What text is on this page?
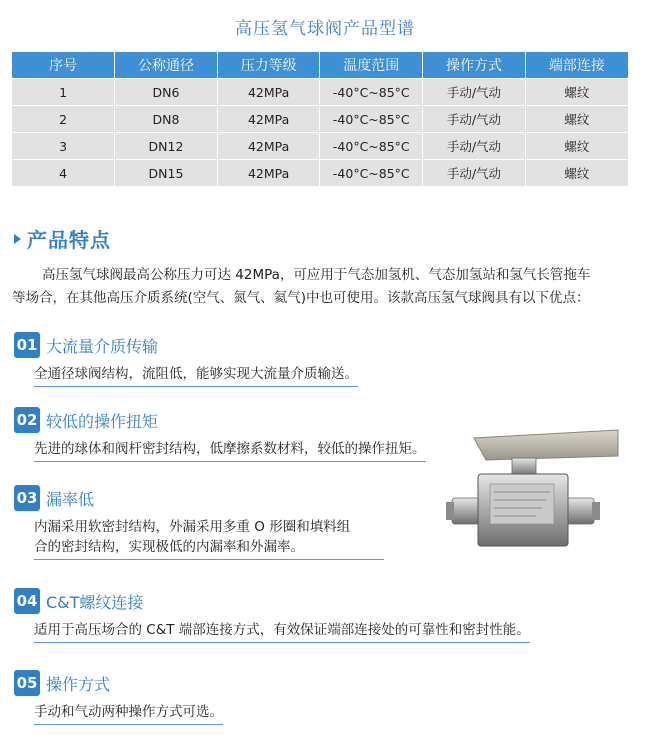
高压氢气球阀产品型谱
序号	公称通径	压力等级	温度范围	操作方式	端部连接
1	DN6	42MPa	-40°C~85°C	手动/气动	螺纹
2	DN8	42MPa	-40°C~85°C	手动/气动	螺纹
3	DN12	42MPa	-40°C~85°C	手动/气动	螺纹
4	DN15	42MPa	-40°C~85°C	手动/气动	螺纹
产品特点
高压氢气球阀最高公称压力可达 42MPa，可应用于气态加氢机、气态加氢站和氢气长管拖车
等场合，在其他高压介质系统(空气、氮气、氦气)中也可使用。该款高压氢气球阀具有以下优点：
01 大流量介质传输
全通径球阀结构，流阻低，能够实现大流量介质输送。
02 较低的操作扭矩
先进的球体和阀杆密封结构，低摩擦系数材料，较低的操作扭矩。
03 漏率低
内漏采用软密封结构，外漏采用多重 O 形圈和填料组
合的密封结构，实现极低的内漏率和外漏率。
04 C&T螺纹连接
适用于高压场合的 C&T 端部连接方式，有效保证端部连接处的可靠性和密封性能。
05 操作方式
手动和气动两种操作方式可选。
